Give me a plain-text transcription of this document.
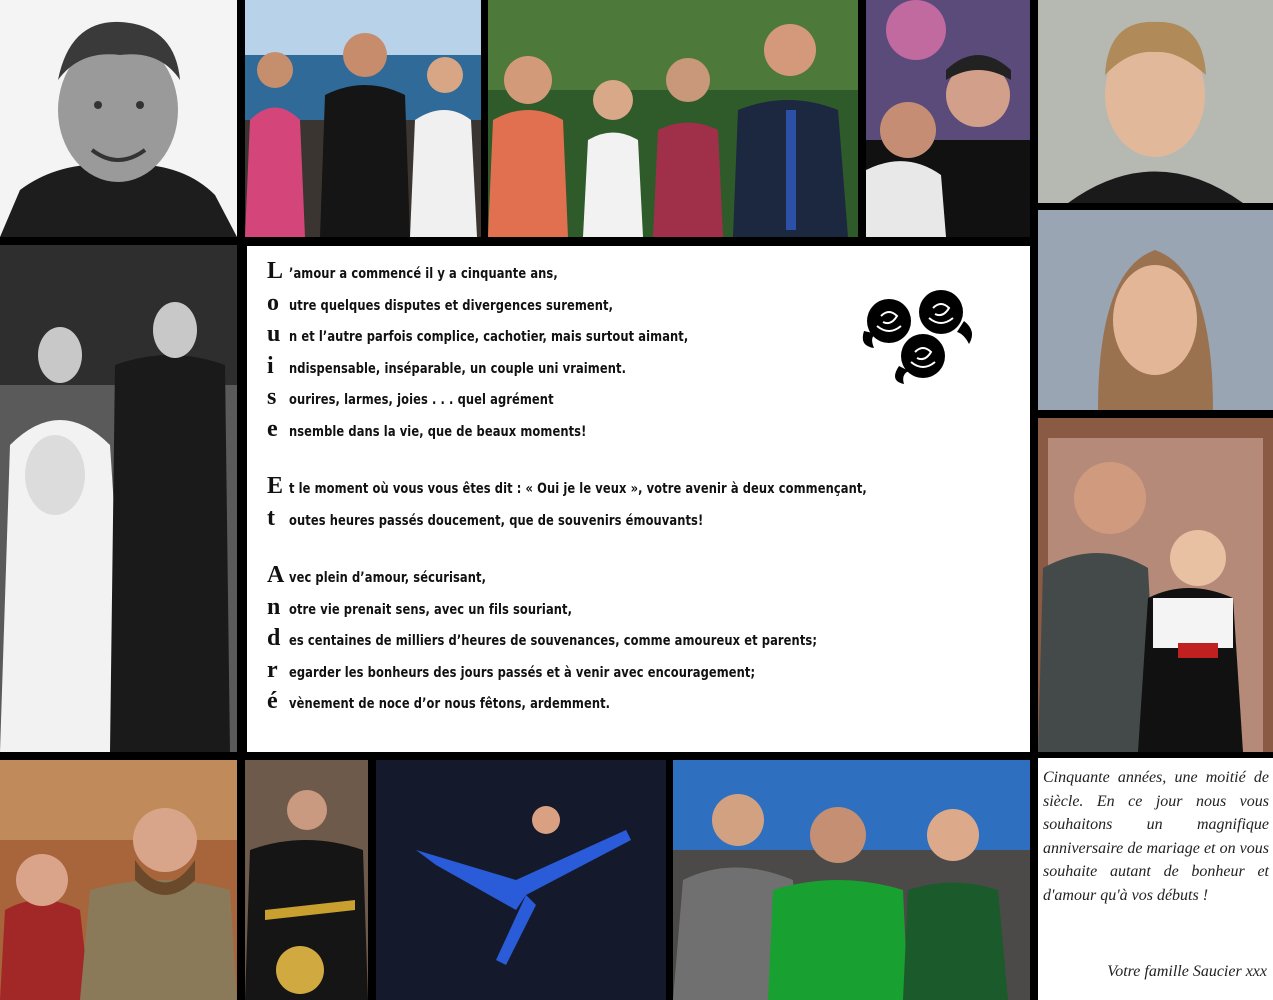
L ’amour a commencé il y a cinquante ans,
o utre quelques disputes et divergences surement,
u n et l’autre parfois complice, cachotier, mais surtout aimant,
i	ndispensable, inséparable, un couple uni vraiment.
s ourires, larmes, joies . . . quel agrément
e nsemble dans la vie, que de beaux moments!
E t le moment où vous vous êtes dit : « Oui je le veux », votre avenir à deux commençant,
t outes heures passés doucement, que de souvenirs émouvants!
A vec plein d’amour, sécurisant,
n otre vie prenait sens, avec un fils souriant,
d es centaines de milliers d’heures de souvenances, comme amoureux et parents;
r egarder les bonheurs des jours passés et à venir avec encouragement;
é vènement de noce d’or nous fêtons, ardemment.
Cinquante années, une moitié de siècle. En ce jour nous vous souhaitons un magnifique anniversaire de mariage et on vous souhaite autant de bonheur et d'amour qu'à vos débuts !
Votre famille Saucier xxx
